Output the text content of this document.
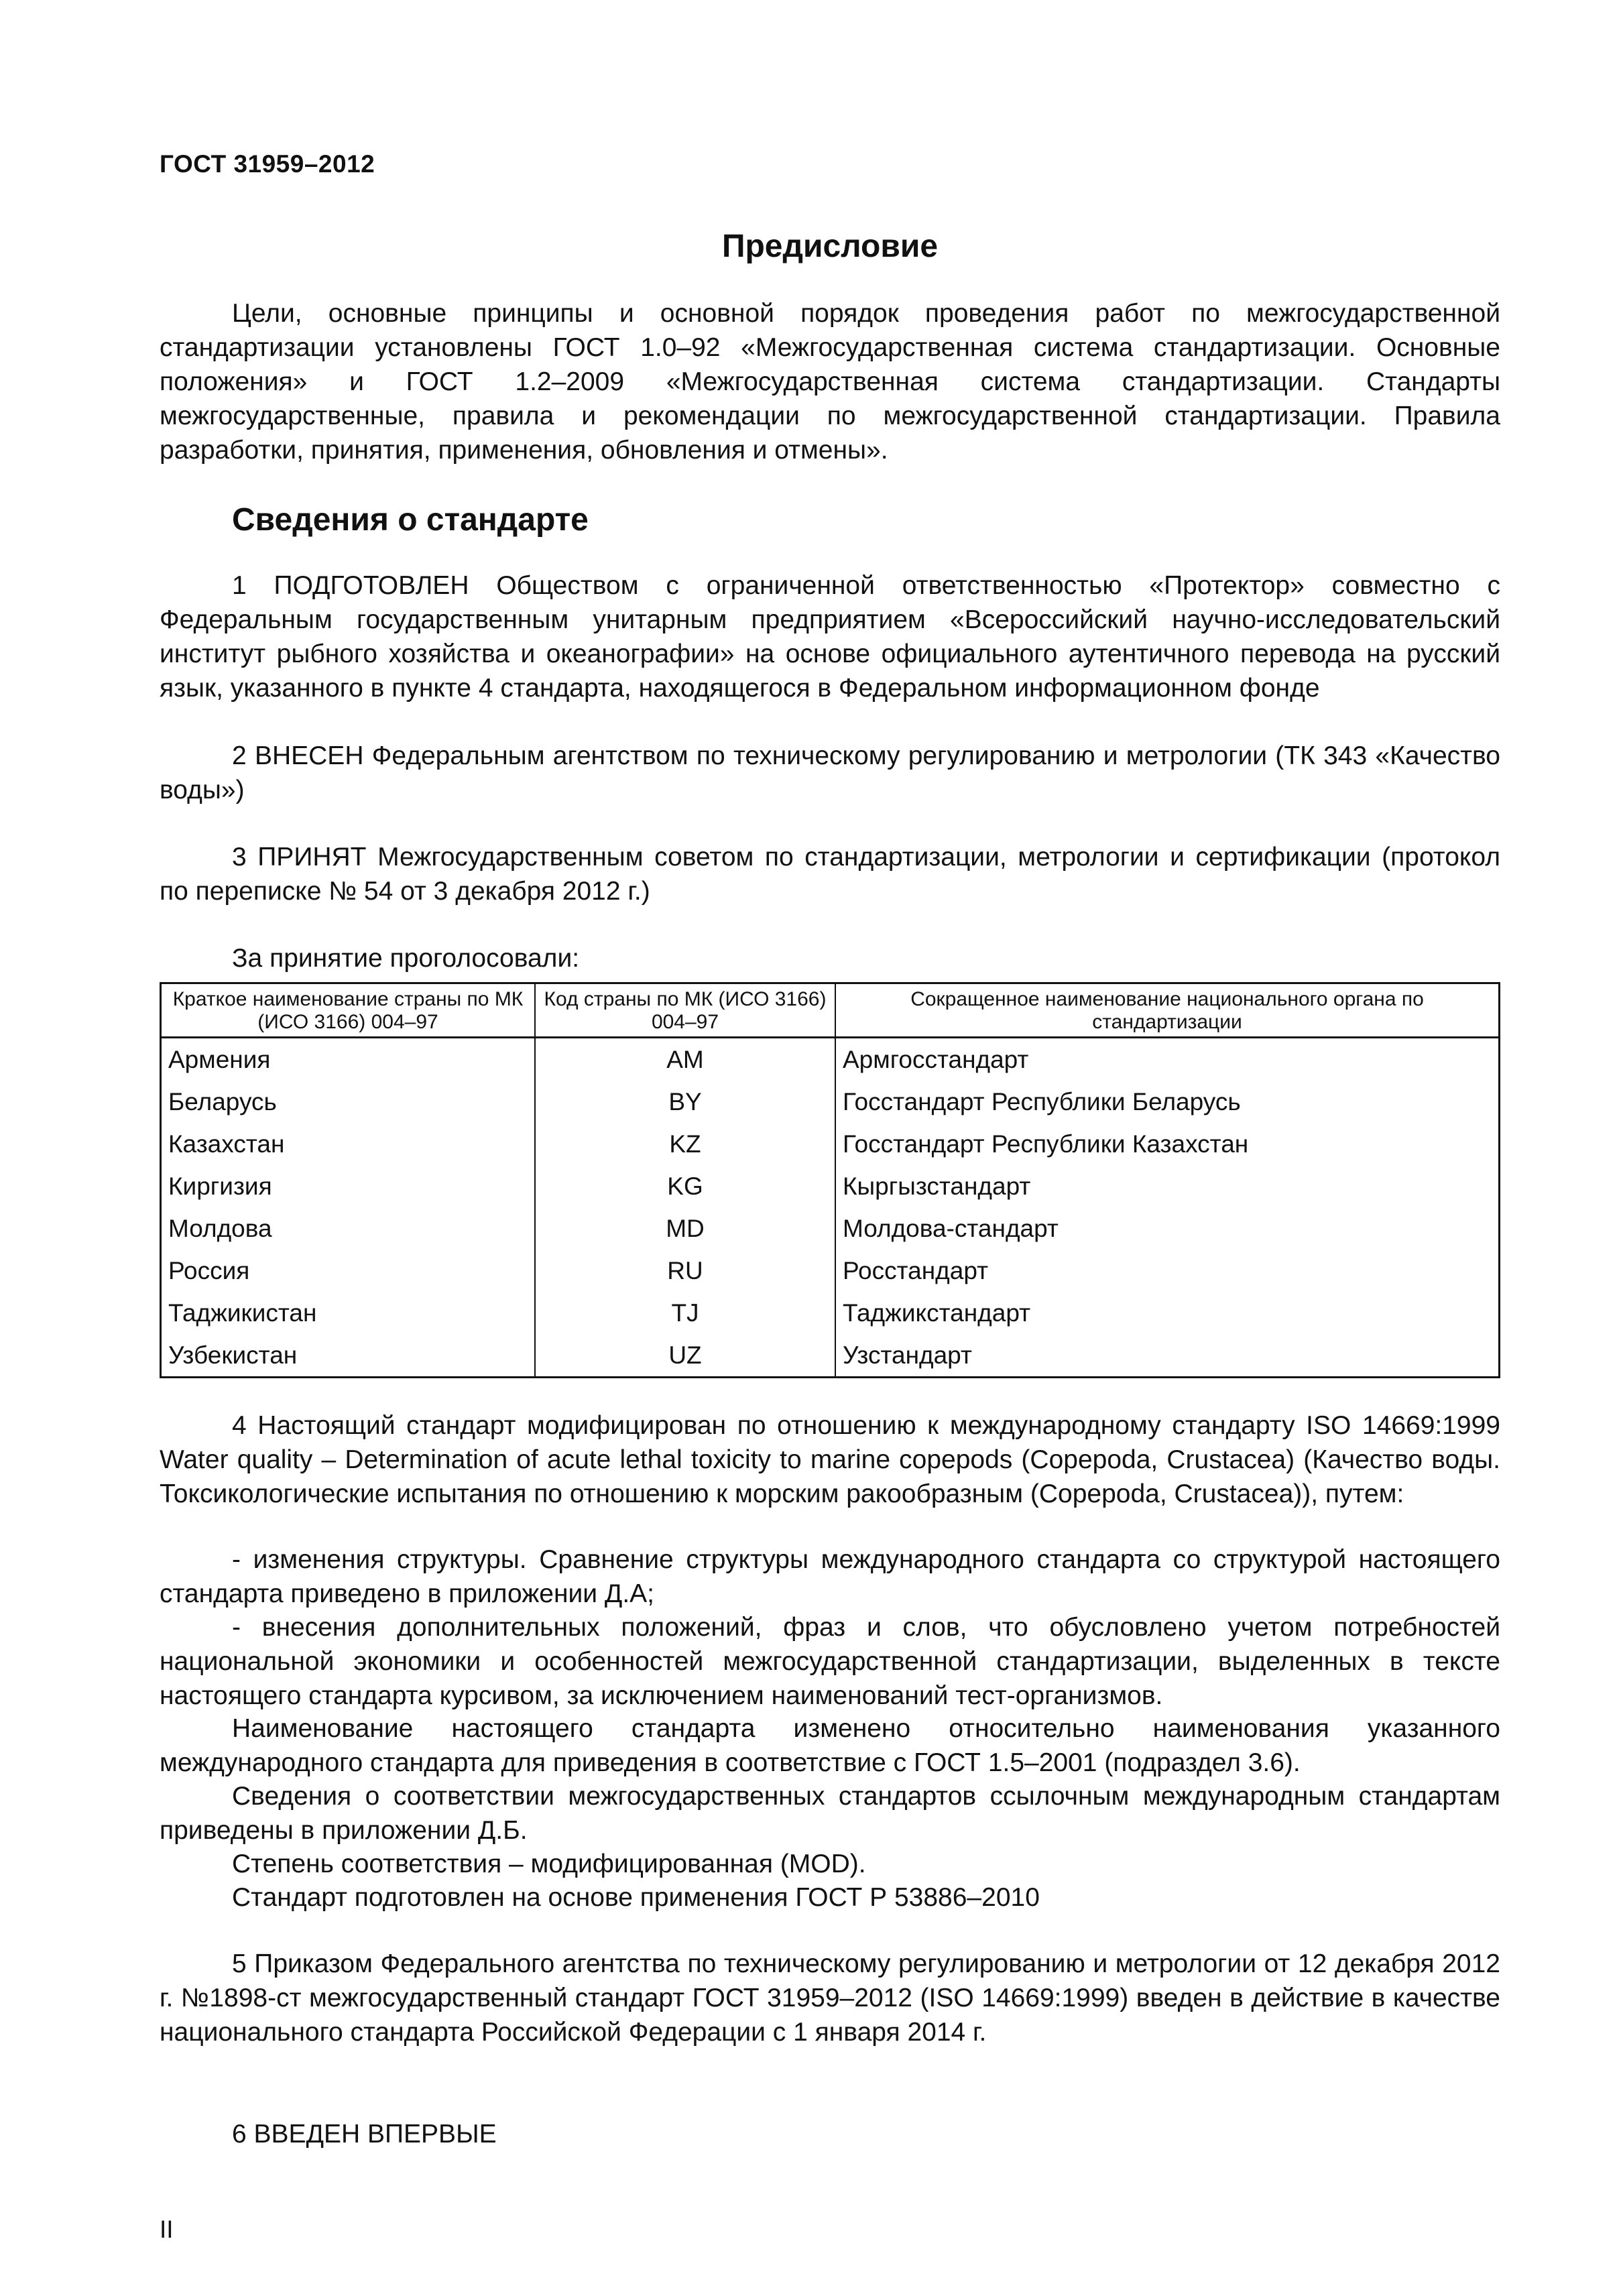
ГОСТ 31959–2012
Предисловие

Цели, основные принципы и основной порядок проведения работ по межгосударственной стандартизации установлены ГОСТ 1.0–92 «Межгосударственная система стандартизации. Основные положения» и ГОСТ 1.2–2009 «Межгосударственная система стандартизации. Стандарты межгосударственные, правила и рекомендации по межгосударственной стандартизации. Правила разработки, принятия, применения, обновления и отмены».

Сведения о стандарте

1 ПОДГОТОВЛЕН Обществом с ограниченной ответственностью «Протектор» совместно с Федеральным государственным унитарным предприятием «Всероссийский научно-исследовательский институт рыбного хозяйства и океанографии» на основе официального аутентичного перевода на русский язык, указанного в пункте 4 стандарта, находящегося в Федеральном информационном фонде

2 ВНЕСЕН Федеральным агентством по техническому регулированию и метрологии (ТК 343 «Качество воды»)

3 ПРИНЯТ Межгосударственным советом по стандартизации, метрологии и сертификации (протокол по переписке № 54 от 3 декабря 2012 г.)

За принятие проголосовали:

Краткое наименование страны по МК (ИСО 3166) 004–97	Код страны по МК (ИСО 3166) 004–97	Сокращенное наименование национального органа по стандартизации
Армения	AM	Армгосстандарт
Беларусь	BY	Госстандарт Республики Беларусь
Казахстан	KZ	Госстандарт Республики Казахстан
Киргизия	KG	Кыргызстандарт
Молдова	MD	Молдова-стандарт
Россия	RU	Росстандарт
Таджикистан	TJ	Таджикстандарт
Узбекистан	UZ	Узстандарт

4 Настоящий стандарт модифицирован по отношению к международному стандарту ISO 14669:1999 Water quality – Determination of acute lethal toxicity to marine copepods (Copepoda, Crustacea) (Качество воды. Токсикологические испытания по отношению к морским ракообразным (Copepoda, Crustacea)), путем:

- изменения структуры. Сравнение структуры международного стандарта со структурой настоящего стандарта приведено в приложении Д.А;

- внесения дополнительных положений, фраз и слов, что обусловлено учетом потребностей национальной экономики и особенностей межгосударственной стандартизации, выделенных в тексте настоящего стандарта курсивом, за исключением наименований тест-организмов.

Наименование настоящего стандарта изменено относительно наименования указанного международного стандарта для приведения в соответствие с ГОСТ 1.5–2001 (подраздел 3.6).

Сведения о соответствии межгосударственных стандартов ссылочным международным стандартам приведены в приложении Д.Б.

Степень соответствия – модифицированная (MOD).

Стандарт подготовлен на основе применения ГОСТ Р 53886–2010

5 Приказом Федерального агентства по техническому регулированию и метрологии от 12 декабря 2012 г. №1898-ст межгосударственный стандарт ГОСТ 31959–2012 (ISO 14669:1999) введен в действие в качестве национального стандарта Российской Федерации с 1 января 2014 г.

6 ВВЕДЕН ВПЕРВЫЕ

II
